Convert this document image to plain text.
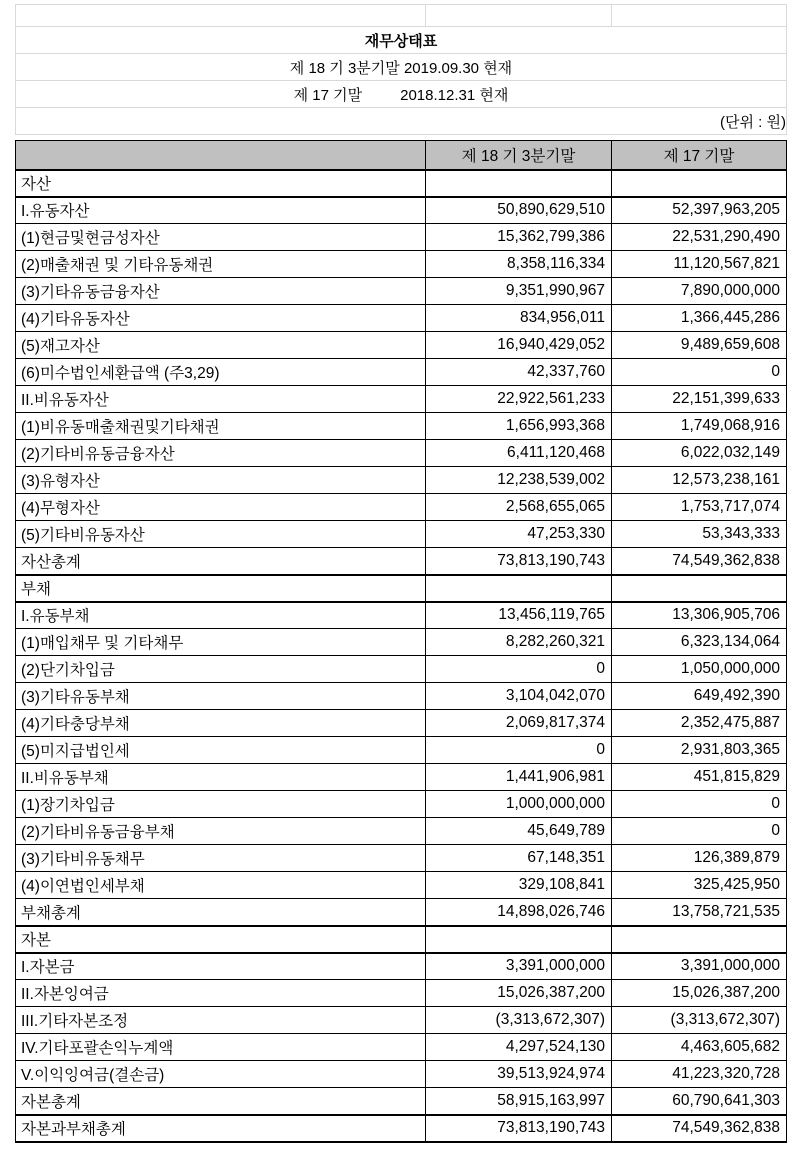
재무상태표
제 18 기 3분기말 2019.09.30 현재
제 17 기말	2018.12.31 현재
(단위 : 원)
	제 18 기 3분기말	제 17 기말
자산		
I.유동자산	50,890,629,510	52,397,963,205
(1)현금및현금성자산	15,362,799,386	22,531,290,490
(2)매출채권 및 기타유동채권	8,358,116,334	11,120,567,821
(3)기타유동금융자산	9,351,990,967	7,890,000,000
(4)기타유동자산	834,956,011	1,366,445,286
(5)재고자산	16,940,429,052	9,489,659,608
(6)미수법인세환급액 (주3,29)	42,337,760	0
II.비유동자산	22,922,561,233	22,151,399,633
(1)비유동매출채권및기타채권	1,656,993,368	1,749,068,916
(2)기타비유동금융자산	6,411,120,468	6,022,032,149
(3)유형자산	12,238,539,002	12,573,238,161
(4)무형자산	2,568,655,065	1,753,717,074
(5)기타비유동자산	47,253,330	53,343,333
자산총계	73,813,190,743	74,549,362,838
부채		
I.유동부채	13,456,119,765	13,306,905,706
(1)매입채무 및 기타채무	8,282,260,321	6,323,134,064
(2)단기차입금	0	1,050,000,000
(3)기타유동부채	3,104,042,070	649,492,390
(4)기타충당부채	2,069,817,374	2,352,475,887
(5)미지급법인세	0	2,931,803,365
II.비유동부채	1,441,906,981	451,815,829
(1)장기차입금	1,000,000,000	0
(2)기타비유동금융부채	45,649,789	0
(3)기타비유동채무	67,148,351	126,389,879
(4)이연법인세부채	329,108,841	325,425,950
부채총계	14,898,026,746	13,758,721,535
자본		
I.자본금	3,391,000,000	3,391,000,000
II.자본잉여금	15,026,387,200	15,026,387,200
III.기타자본조정	(3,313,672,307)	(3,313,672,307)
IV.기타포괄손익누계액	4,297,524,130	4,463,605,682
V.이익잉여금(결손금)	39,513,924,974	41,223,320,728
자본총계	58,915,163,997	60,790,641,303
자본과부채총계	73,813,190,743	74,549,362,838
